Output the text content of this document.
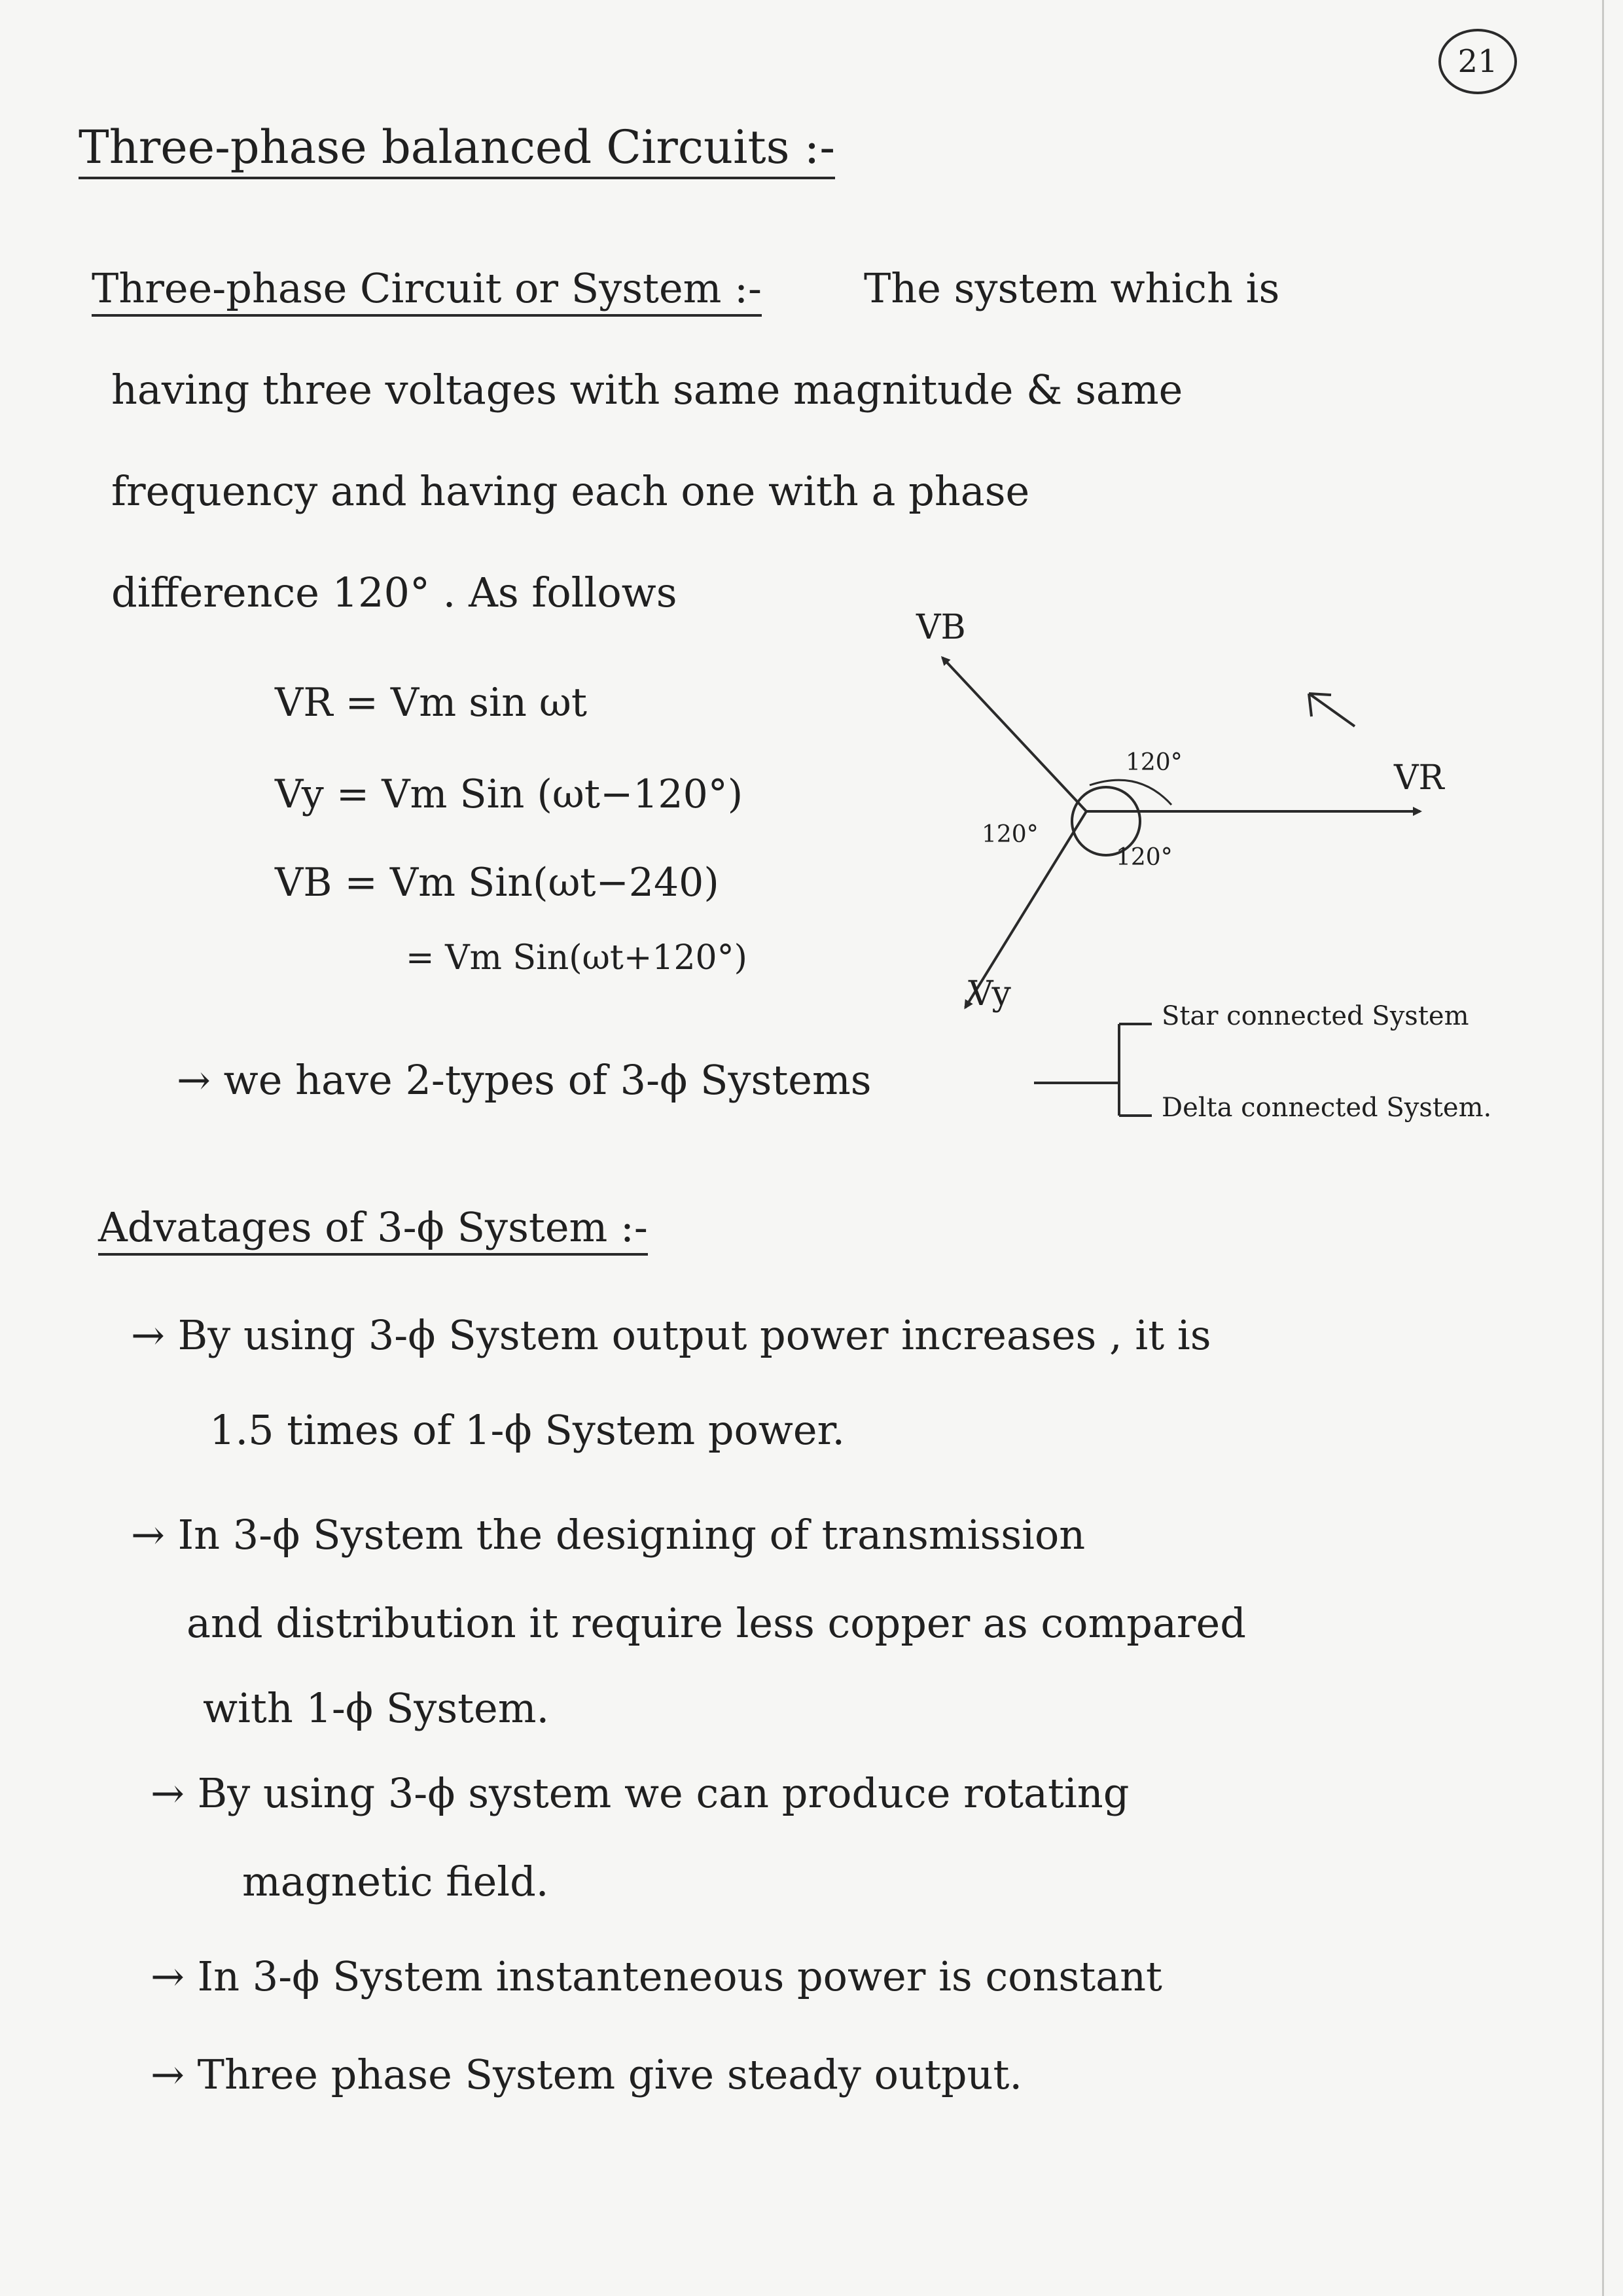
21
Three-phase balanced Circuits :-
Three-phase Circuit or System :-	The system which is
having three voltages with same magnitude & same
frequency and having each one with a phase
difference 120° . As follows
VR = Vm sin ωt
Vy = Vm Sin (ωt−120°)
VB = Vm Sin(ωt−240)
= Vm Sin(ωt+120°)
VR
VB
Vy
120°
120°
120°
→ we have 2-types of 3-ϕ Systems
Star connected System
Delta connected System.
Advatages of 3-ϕ System :-
→ By using 3-ϕ System output power increases , it is
1.5 times of 1-ϕ System power.
→ In 3-ϕ System the designing of transmission
and distribution it require less copper as compared
with 1-ϕ System.
→ By using 3-ϕ system we can produce rotating
magnetic field.
→ In 3-ϕ System instanteneous power is constant
→ Three phase System give steady output.
